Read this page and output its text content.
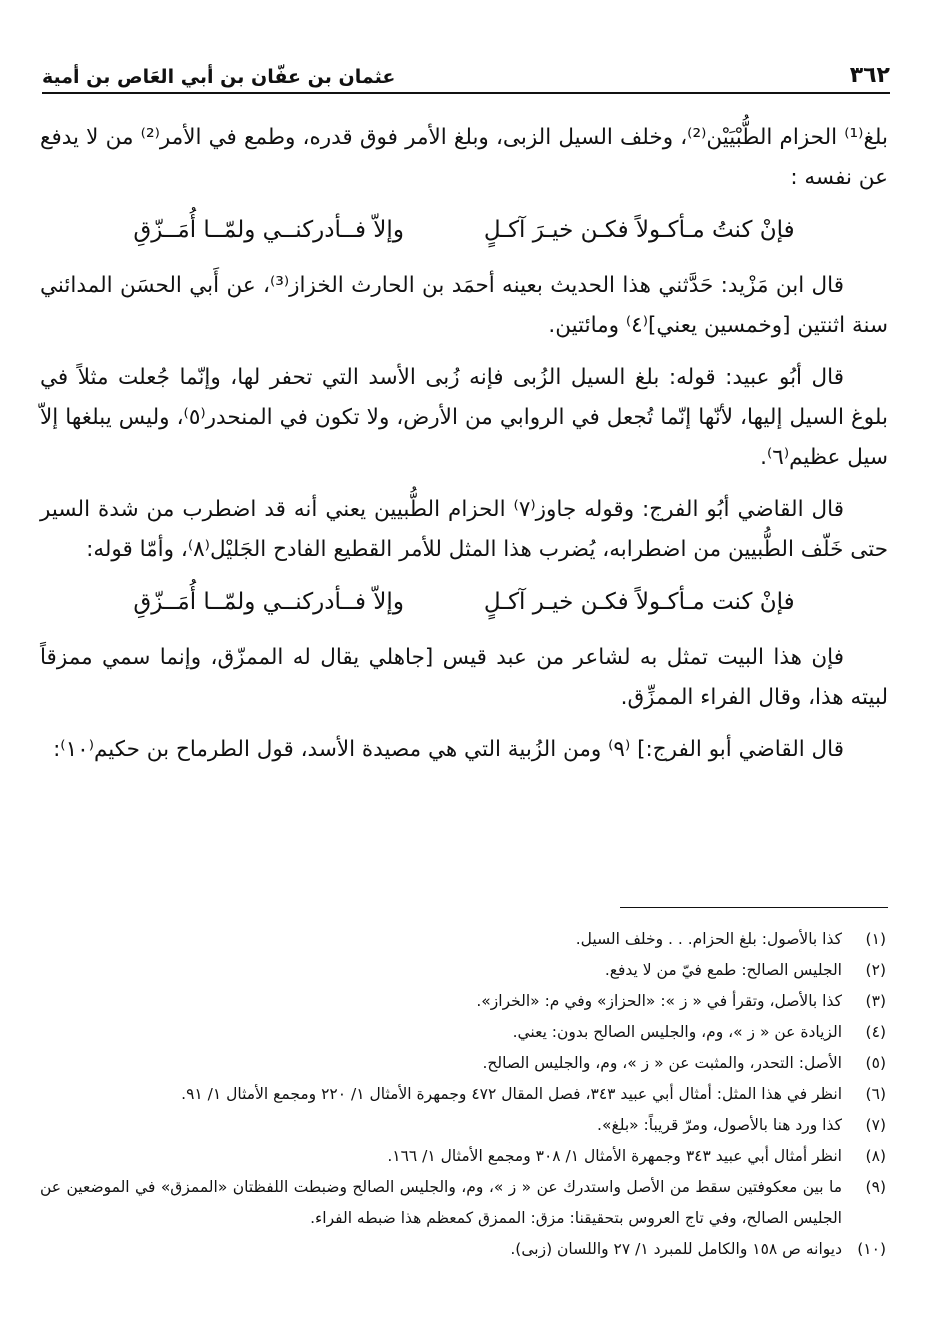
٣٦٢
عثمان بن عفّان بن أبي العَاص بن أمية

بلغ⁽¹⁾ الحزام الطُّبْيَيْن⁽²⁾، وخلف السيل الزبى، وبلغ الأمر فوق قدره، وطمع في الأمر⁽²⁾ من لا يدفع عن نفسه :

فإنْ كنتُ مـأكـولاً فكـن خيـرَ آكـلٍ
وإلاّ فــأدركنــي ولمّــا أُمَــزّقِ

قال ابن مَزْيد: حَدَّثني هذا الحديث بعينه أحمَد بن الحارث الخزاز⁽³⁾، عن أَبي الحسَن المدائني سنة اثنتين [وخمسين يعني]⁽٤⁾ ومائتين.

قال أبُو عبيد: قوله: بلغ السيل الزُبى فإنه زُبى الأسد التي تحفر لها، وإنّما جُعلت مثلاً في بلوغ السيل إليها، لأنّها إنّما تُجعل في الروابي من الأرض، ولا تكون في المنحدر⁽٥⁾، وليس يبلغها إلاّ سيل عظيم⁽٦⁾.

قال القاضي أبُو الفرج: وقوله جاوز⁽٧⁾ الحزام الطُّبيين يعني أنه قد اضطرب من شدة السير حتى خَلّف الطُّبيين من اضطرابه، يُضرب هذا المثل للأمر القطيع الفادح الجَليْل⁽٨⁾، وأمّا قوله:

فإنْ كنت مـأكـولاً فكـن خيـر آكـلٍ
وإلاّ فــأدركنــي ولمّــا أُمَــزّقِ

فإن هذا البيت تمثل به لشاعر من عبد قيس [جاهلي يقال له الممزّق، وإنما سمي ممزقاً لبيته هذا، وقال الفراء الممزِّق.

قال القاضي أبو الفرج:] ⁽٩⁾ ومن الزُبية التي هي مصيدة الأسد، قول الطرماح بن حكيم⁽١٠⁾:

(١)
كذا بالأصول: بلغ الحزام. . . وخلف السيل.
(٢)
الجليس الصالح: طمع فيّ من لا يدفع.
(٣)
كذا بالأصل، وتقرأ في « ز »: «الحزاز» وفي م: «الخراز».
(٤)
الزيادة عن « ز »، وم، والجليس الصالح بدون: يعني.
(٥)
الأصل: التحدر، والمثبت عن « ز »، وم، والجليس الصالح.
(٦)
انظر في هذا المثل: أمثال أبي عبيد ٣٤٣، فصل المقال ٤٧٢ وجمهرة الأمثال ١/ ٢٢٠ ومجمع الأمثال ١/ ٩١.
(٧)
كذا ورد هنا بالأصول، ومرّ قريباً: «بلغ».
(٨)
انظر أمثال أبي عبيد ٣٤٣ وجمهرة الأمثال ١/ ٣٠٨ ومجمع الأمثال ١/ ١٦٦.
(٩)
ما بين معكوفتين سقط من الأصل واستدرك عن « ز »، وم، والجليس الصالح وضبطت اللفظتان «الممزق» في الموضعين عن الجليس الصالح، وفي تاج العروس بتحقيقنا: مزق: الممزق كمعظم هذا ضبطه الفراء.
(١٠)
ديوانه ص ١٥٨ والكامل للمبرد ١/ ٢٧ واللسان (زبى).
